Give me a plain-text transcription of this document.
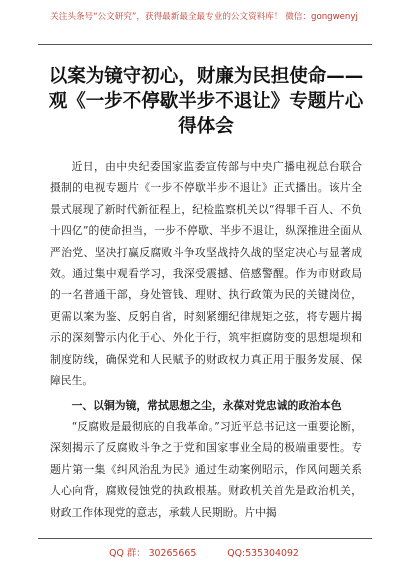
关注头条号“公文研究”，获得最新最全最专业的公文资料库！ 微信：gongwenyj
以案为镜守初心，财廉为民担使命——观《一步不停歇半步不退让》专题片心得体会

近日，由中央纪委国家监委宣传部与中央广播电视总台联合摄制的电视专题片《一步不停歇半步不退让》正式播出。该片全景式展现了新时代新征程上，纪检监察机关以“得罪千百人、不负十四亿”的使命担当，一步不停歇、半步不退让，纵深推进全面从严治党、坚决打赢反腐败斗争攻坚战持久战的坚定决心与显著成效。通过集中观看学习，我深受震撼、倍感警醒。作为市财政局的一名普通干部，身处管钱、理财、执行政策为民的关键岗位，更需以案为鉴、反躬自省，时刻紧绷纪律规矩之弦，将专题片揭示的深刻警示内化于心、外化于行，筑牢拒腐防变的思想堤坝和制度防线，确保党和人民赋予的财政权力真正用于服务发展、保障民生。

一、以铜为镜，常拭思想之尘，永葆对党忠诚的政治本色

“反腐败是最彻底的自我革命。”习近平总书记这一重要论断，深刻揭示了反腐败斗争之于党和国家事业全局的极端重要性。专题片第一集《纠风治乱为民》通过生动案例昭示，作风问题关系人心向背，腐败侵蚀党的执政根基。财政机关首先是政治机关，财政工作体现党的意志，承载人民期盼。片中揭

QQ 群： 30265665	QQ:535304092
